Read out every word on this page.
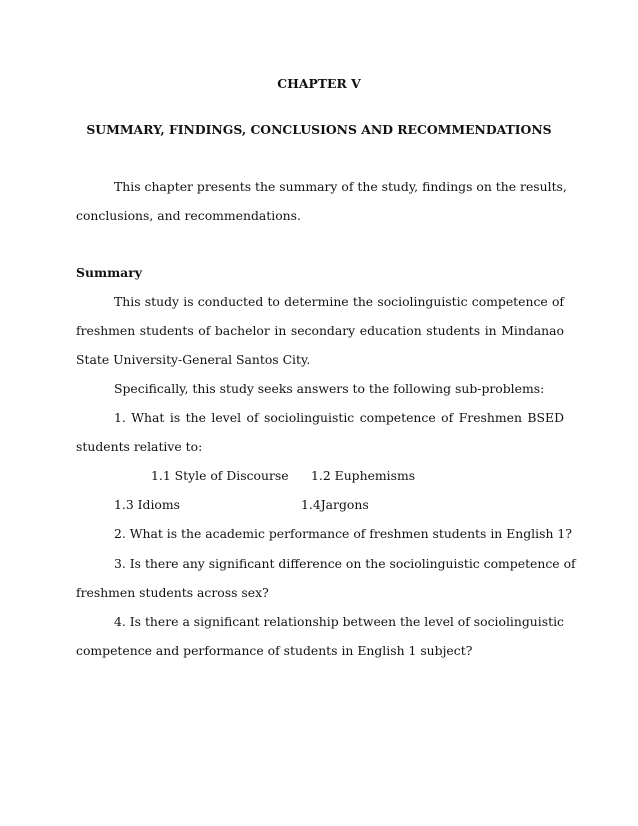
CHAPTER V
SUMMARY, FINDINGS, CONCLUSIONS AND RECOMMENDATIONS
This chapter presents the summary of the study, findings on the results,
conclusions, and recommendations.
Summary
This study is conducted to determine the sociolinguistic competence of
freshmen students of bachelor in secondary education students in Mindanao
State University-General Santos City.
Specifically, this study seeks answers to the following sub-problems:
1. What is the level of sociolinguistic competence of Freshmen BSED
students relative to:
1.1 Style of Discourse 1.2 Euphemisms
1.3 Idioms	1.4Jargons
2. What is the academic performance of freshmen students in English 1?
3. Is there any significant difference on the sociolinguistic competence of
freshmen students across sex?
4. Is there a significant relationship between the level of sociolinguistic
competence and performance of students in English 1 subject?
